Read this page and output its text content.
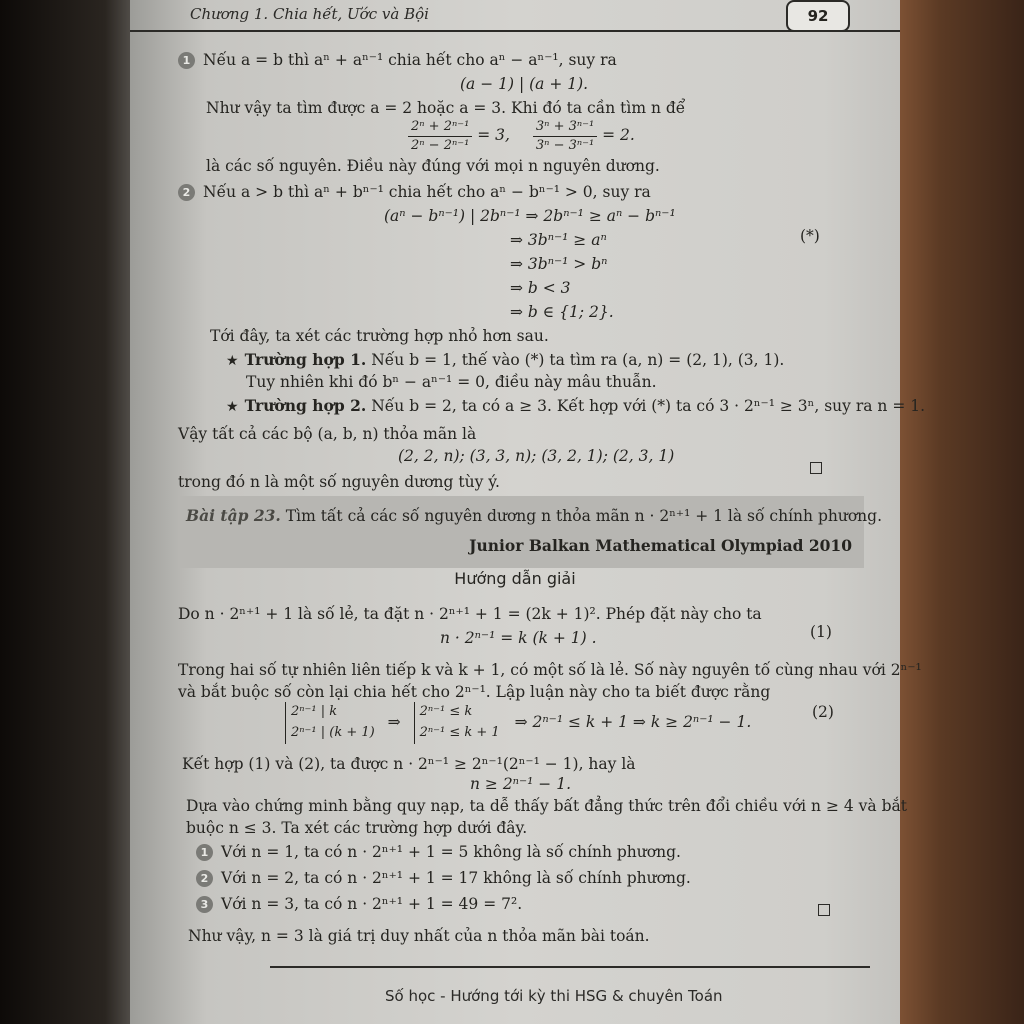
Chương 1. Chia hết, Ước và Bội	92
1 Nếu a = b thì aⁿ + aⁿ⁻¹ chia hết cho aⁿ − aⁿ⁻¹, suy ra
(a − 1) | (a + 1).
Như vậy ta tìm được a = 2 hoặc a = 3. Khi đó ta cần tìm n để
$\frac{\text{2ⁿ + 2ⁿ⁻¹}}{\text{2ⁿ − 2ⁿ⁻¹}} = 3$, $\frac{\text{3ⁿ + 3ⁿ⁻¹}}{\text{3ⁿ − 3ⁿ⁻¹}} = 2$.
là các số nguyên. Điều này đúng với mọi n nguyên dương.
2 Nếu a > b thì aⁿ + bⁿ⁻¹ chia hết cho aⁿ − bⁿ⁻¹ > 0, suy ra
(aⁿ − bⁿ⁻¹) | 2bⁿ⁻¹ ⇒ 2bⁿ⁻¹ ≥ aⁿ − bⁿ⁻¹
⇒ 3bⁿ⁻¹ ≥ aⁿ	(*)
⇒ 3bⁿ⁻¹ > bⁿ
⇒ b < 3
⇒ b ∈ {1; 2}.
Tới đây, ta xét các trường hợp nhỏ hơn sau.
★ Trường hợp 1. Nếu b = 1, thế vào (*) ta tìm ra (a, n) = (2, 1), (3, 1).
Tuy nhiên khi đó bⁿ − aⁿ⁻¹ = 0, điều này mâu thuẫn.
★ Trường hợp 2. Nếu b = 2, ta có a ≥ 3. Kết hợp với (*) ta có 3 · 2ⁿ⁻¹ ≥ 3ⁿ, suy ra n = 1.
Vậy tất cả các bộ (a, b, n) thỏa mãn là
(2, 2, n); (3, 3, n); (3, 2, 1); (2, 3, 1)
trong đó n là một số nguyên dương tùy ý.
Bài tập 23. Tìm tất cả các số nguyên dương n thỏa mãn n · 2ⁿ⁺¹ + 1 là số chính phương.
Junior Balkan Mathematical Olympiad 2010
Hướng dẫn giải
Do n · 2ⁿ⁺¹ + 1 là số lẻ, ta đặt n · 2ⁿ⁺¹ + 1 = (2k + 1)². Phép đặt này cho ta
n · 2ⁿ⁻¹ = k (k + 1) .	(1)
Trong hai số tự nhiên liên tiếp k và k + 1, có một số là lẻ. Số này nguyên tố cùng nhau với 2ⁿ⁻¹
và bắt buộc số còn lại chia hết cho 2ⁿ⁻¹. Lập luận này cho ta biết được rằng
2ⁿ⁻¹ | k
2ⁿ⁻¹ | (k + 1) ⇒ 2ⁿ⁻¹ ≤ k
2ⁿ⁻¹ ≤ k + 1 ⇒ 2ⁿ⁻¹ ≤ k + 1 ⇒ k ≥ 2ⁿ⁻¹ − 1.
(2)
Kết hợp (1) và (2), ta được n · 2ⁿ⁻¹ ≥ 2ⁿ⁻¹(2ⁿ⁻¹ − 1), hay là
n ≥ 2ⁿ⁻¹ − 1.
Dựa vào chứng minh bằng quy nạp, ta dễ thấy bất đẳng thức trên đổi chiều với n ≥ 4 và bắt
buộc n ≤ 3. Ta xét các trường hợp dưới đây.
1 Với n = 1, ta có n · 2ⁿ⁺¹ + 1 = 5 không là số chính phương.
2 Với n = 2, ta có n · 2ⁿ⁺¹ + 1 = 17 không là số chính phương.
3 Với n = 3, ta có n · 2ⁿ⁺¹ + 1 = 49 = 7².
Như vậy, n = 3 là giá trị duy nhất của n thỏa mãn bài toán.
Số học - Hướng tới kỳ thi HSG & chuyên Toán
